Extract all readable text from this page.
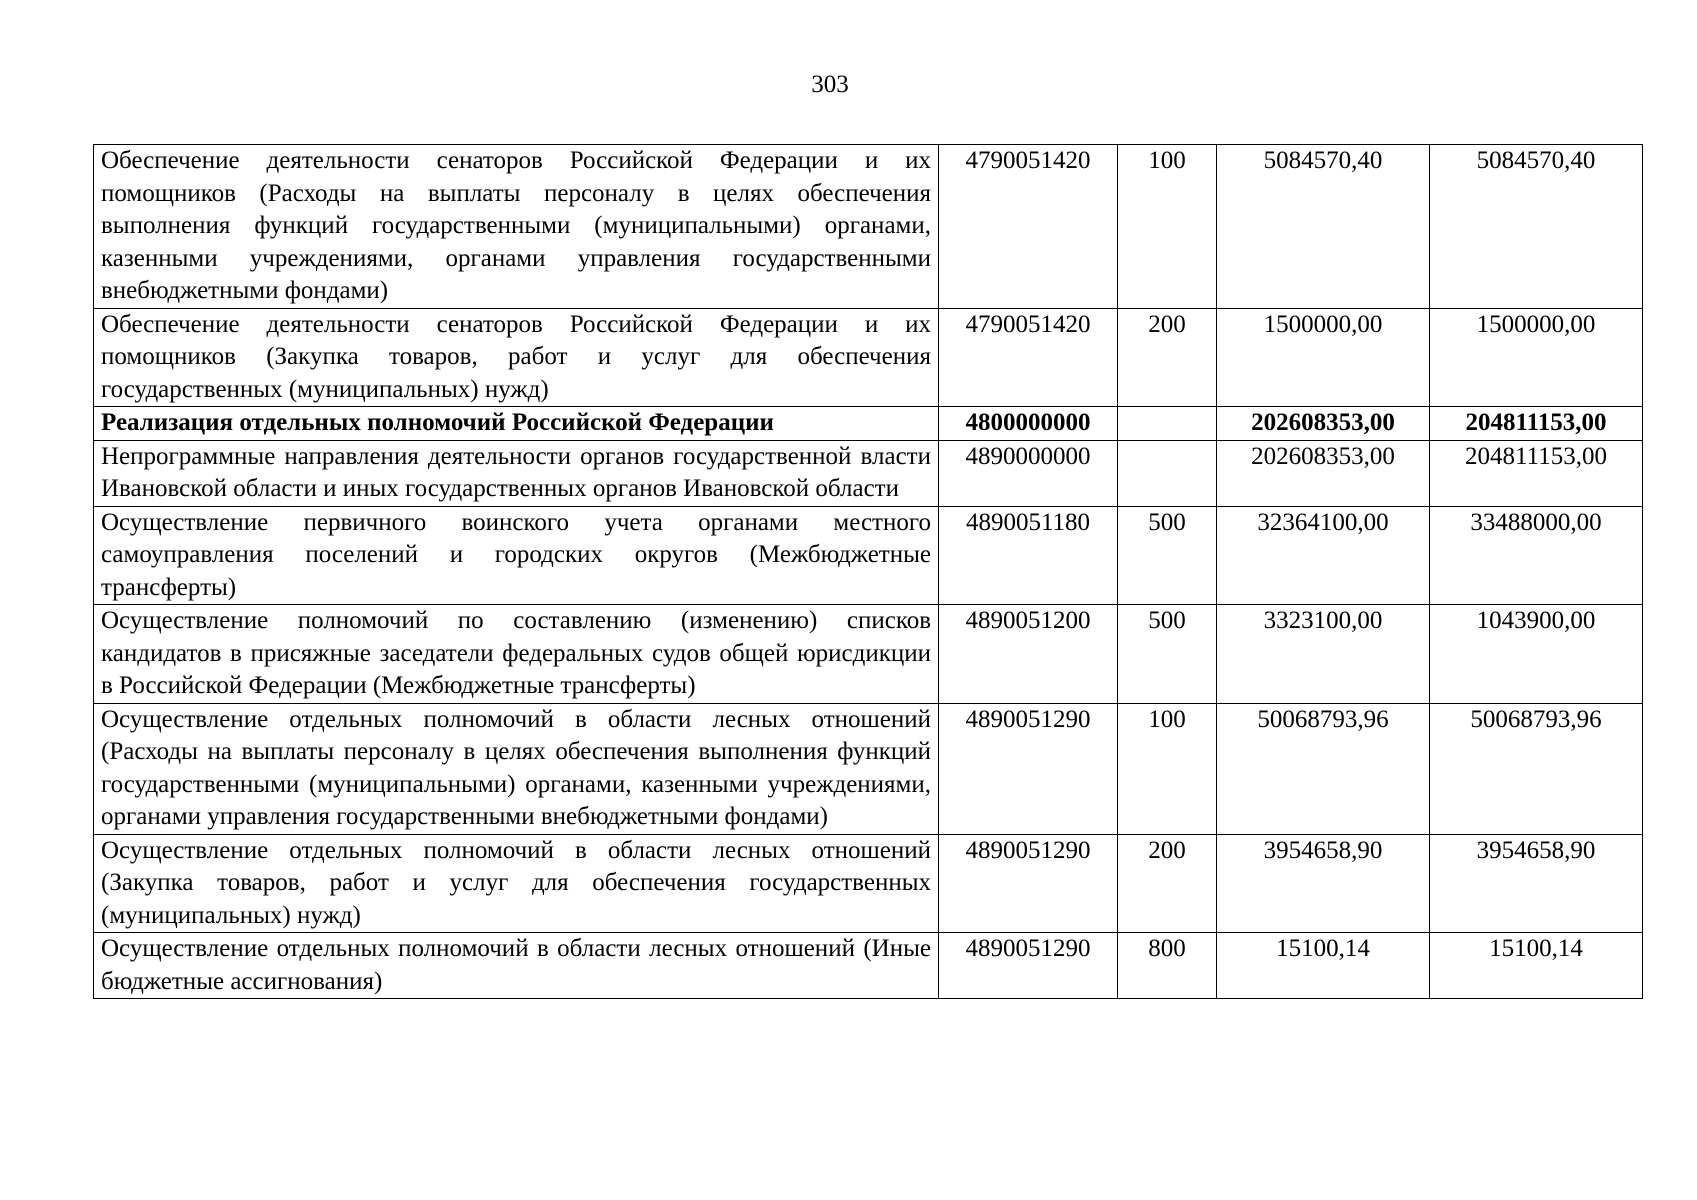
303
Обеспечение деятельности сенаторов Российской Федерации и их помощников (Расходы на выплаты персоналу в целях обеспечения выполнения функций государственными (муниципальными) органами, казенными учреждениями, органами управления государственными внебюджетными фондами)	4790051420	100	5084570,40	5084570,40
Обеспечение деятельности сенаторов Российской Федерации и их помощников (Закупка товаров, работ и услуг для обеспечения государственных (муниципальных) нужд)	4790051420	200	1500000,00	1500000,00
Реализация отдельных полномочий Российской Федерации	4800000000		202608353,00	204811153,00
Непрограммные направления деятельности органов государственной власти Ивановской области и иных государственных органов Ивановской области	4890000000		202608353,00	204811153,00
Осуществление первичного воинского учета органами местного самоуправления поселений и городских округов (Межбюджетные трансферты)	4890051180	500	32364100,00	33488000,00
Осуществление полномочий по составлению (изменению) списков кандидатов в присяжные заседатели федеральных судов общей юрисдикции в Российской Федерации (Межбюджетные трансферты)	4890051200	500	3323100,00	1043900,00
Осуществление отдельных полномочий в области лесных отношений (Расходы на выплаты персоналу в целях обеспечения выполнения функций государственными (муниципальными) органами, казенными учреждениями, органами управления государственными внебюджетными фондами)	4890051290	100	50068793,96	50068793,96
Осуществление отдельных полномочий в области лесных отношений (Закупка товаров, работ и услуг для обеспечения государственных (муниципальных) нужд)	4890051290	200	3954658,90	3954658,90
Осуществление отдельных полномочий в области лесных отношений (Иные бюджетные ассигнования)	4890051290	800	15100,14	15100,14
